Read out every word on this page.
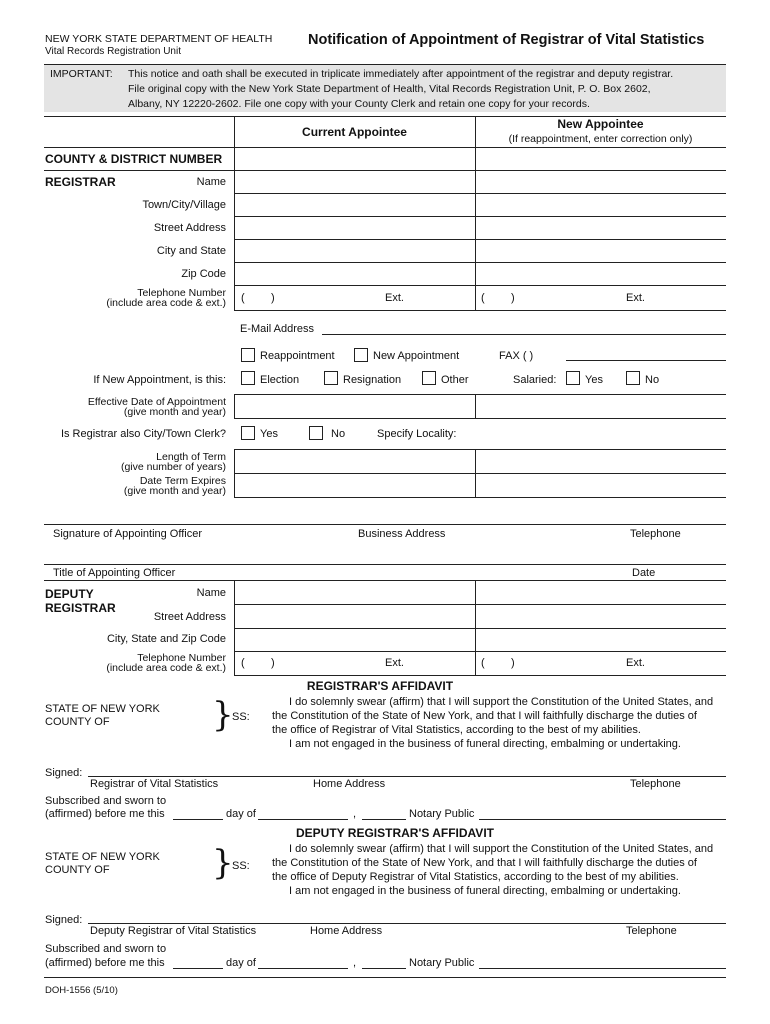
NEW YORK STATE DEPARTMENT OF HEALTH
Vital Records Registration Unit
Notification of Appointment of Registrar of Vital Statistics
IMPORTANT: This notice and oath shall be executed in triplicate immediately after appointment of the registrar and deputy registrar.
File original copy with the New York State Department of Health, Vital Records Registration Unit, P. O. Box 2602,
Albany, NY 12220-2602. File one copy with your County Clerk and retain one copy for your records.
Current Appointee
New Appointee
(If reappointment, enter correction only)
COUNTY & DISTRICT NUMBER
REGISTRAR	Name
Town/City/Village
Street Address
City and State
Zip Code
Telephone Number
(include area code & ext.) ( )	Ext.	( )	Ext.
E-Mail Address
Reappointment	New Appointment	FAX ( )
If New Appointment, is this:	Election	Resignation	Other	Salaried:	Yes	No
Effective Date of Appointment
(give month and year)
Is Registrar also City/Town Clerk?	Yes	No	Specify Locality:
Length of Term
(give number of years)
Date Term Expires
(give month and year)
Signature of Appointing Officer	Business Address	Telephone
Title of Appointing Officer	Date
DEPUTY
REGISTRAR
Name
Street Address
City, State and Zip Code
Telephone Number
(include area code & ext.) ( )	Ext.	( )	Ext.
REGISTRAR'S AFFIDAVIT
STATE OF NEW YORK
COUNTY OF	}
SS:
I do solemnly swear (affirm) that I will support the Constitution of the United States, and
the Constitution of the State of New York, and that I will faithfully discharge the duties of
the office of Registrar of Vital Statistics, according to the best of my abilities.
I am not engaged in the business of funeral directing, embalming or undertaking.
Signed:
Registrar of Vital Statistics	Home Address	Telephone
Subscribed and sworn to
(affirmed) before me this	day of	,	Notary Public
DEPUTY REGISTRAR'S AFFIDAVIT
STATE OF NEW YORK
COUNTY OF	}
SS:
I do solemnly swear (affirm) that I will support the Constitution of the United States, and
the Constitution of the State of New York, and that I will faithfully discharge the duties of
the office of Deputy Registrar of Vital Statistics, according to the best of my abilities.
I am not engaged in the business of funeral directing, embalming or undertaking.
Signed:
Deputy Registrar of Vital Statistics	Home Address	Telephone
Subscribed and sworn to
(affirmed) before me this	day of	,	Notary Public
DOH-1556 (5/10)
